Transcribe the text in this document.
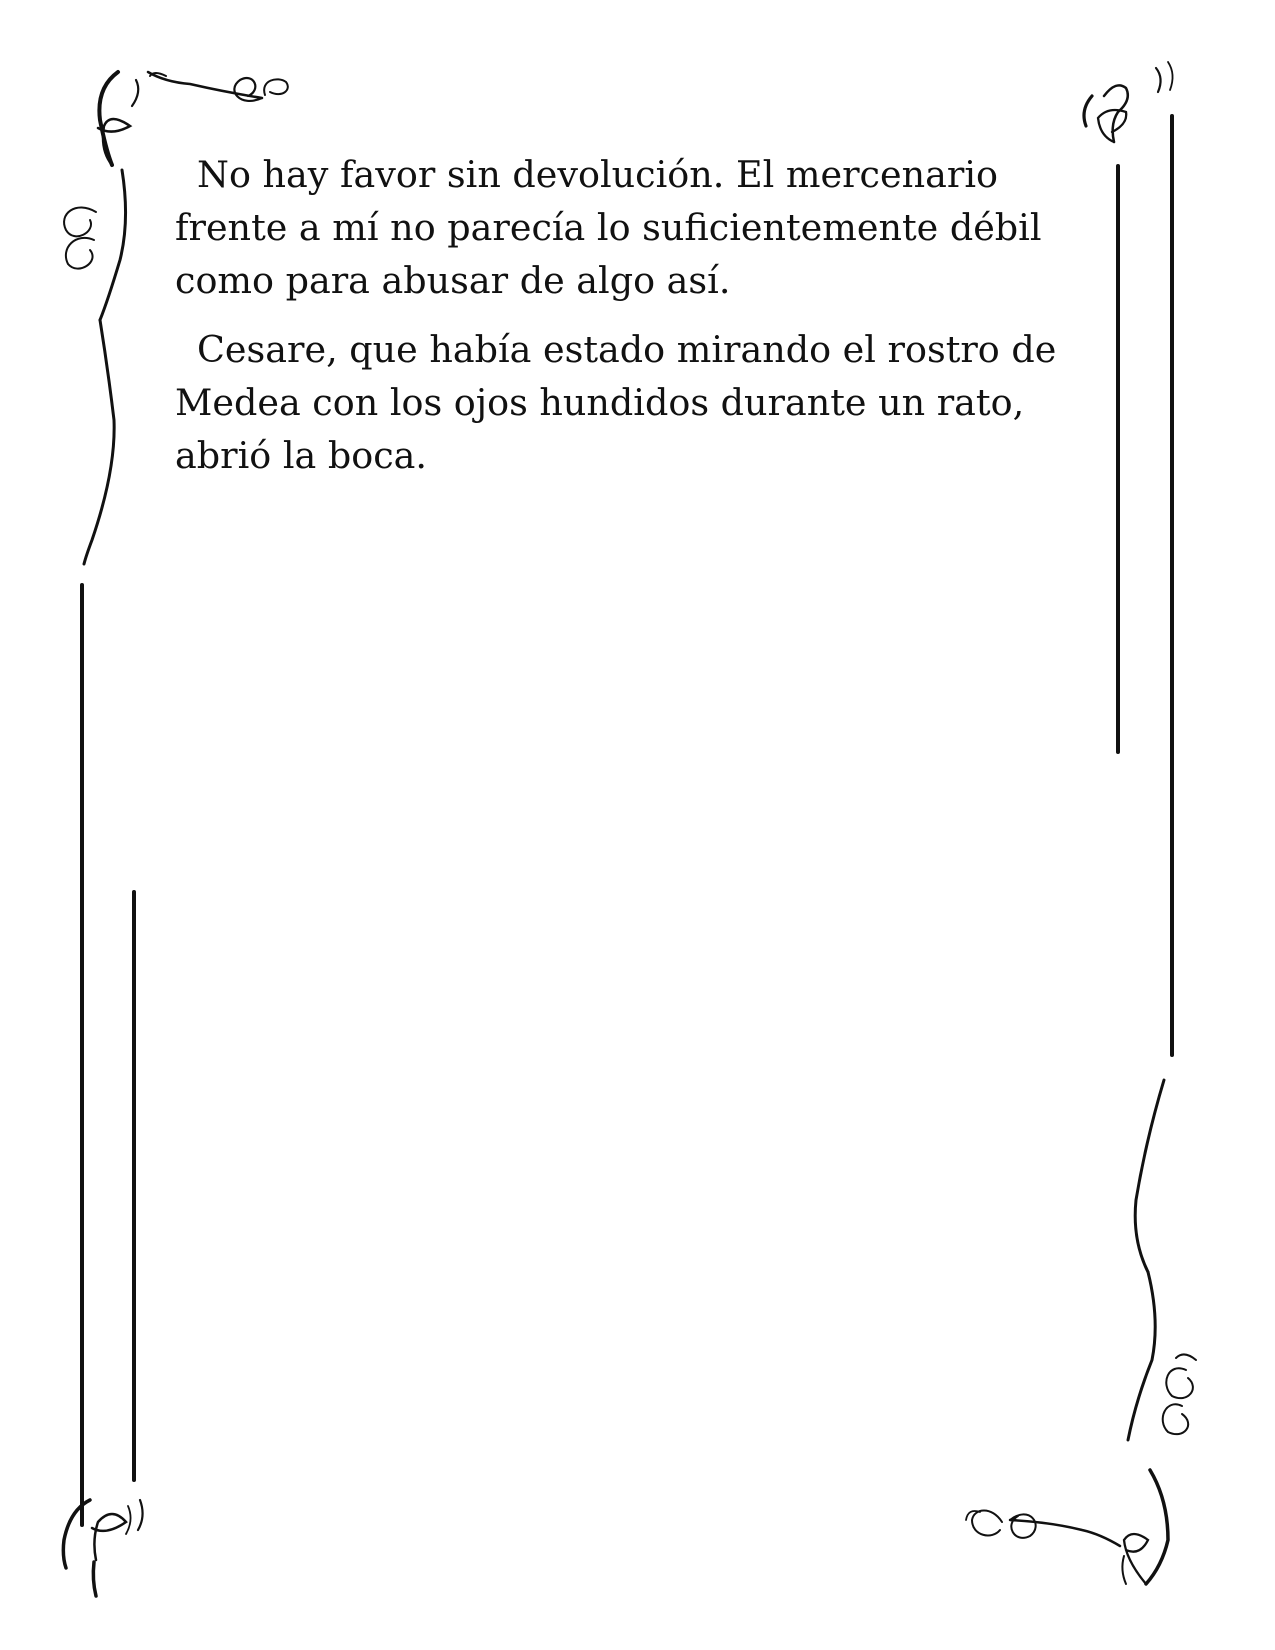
No hay favor sin devolución. El mercenario frente a mí no parecía lo suficientemente débil como para abusar de algo así.

Cesare, que había estado mirando el rostro de Medea con los ojos hundidos durante un rato, abrió la boca.
